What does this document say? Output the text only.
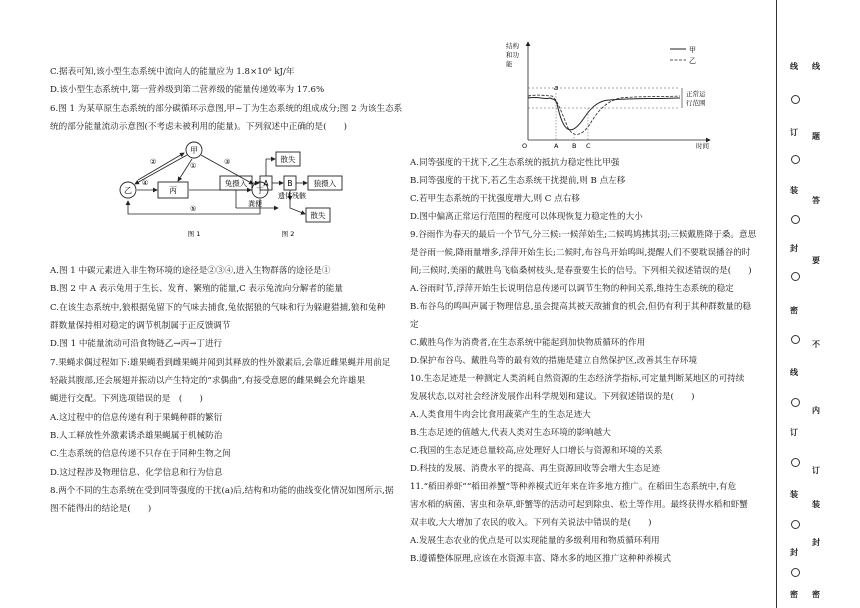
C.据表可知,该小型生态系统中流向人的能量应为 1.8×10⁶ kJ/年

D.该小型生态系统中,第一营养级到第二营养级的能量传递效率为 17.6%

6.图 1 为某草原生态系统的部分碳循环示意图,甲~丁为生态系统的组成成分;图 2 为该生态系

统的部分能量流动示意图(不考虑未被利用的能量)。下列叙述中正确的是(　　)

甲
乙	丙	丁
①
②	③
④
⑤
图 1
散失
兔摄入 A	B	狼摄入
散失
粪便
遗体残骸
图 2

A.图 1 中碳元素进入非生物环境的途径是②③④,进入生物群落的途径是①

B.图 2 中 A 表示兔用于生长、发育、繁殖的能量,C 表示兔流向分解者的能量

C.在该生态系统中,狼根据兔留下的气味去捕食,兔依据狼的气味和行为躲避猎捕,狼和兔种

群数量保持相对稳定的调节机制属于正反馈调节

D.图 1 中能量流动可沿食物链乙→丙→丁进行

7.果蝇求偶过程如下:雄果蝇看到雌果蝇并闻到其释放的性外激素后,会靠近雌果蝇并用前足

轻敲其腹部,还会展翅并振动以产生特定的“求偶曲”,有接受意愿的雌果蝇会允许雄果

蝇进行交配。下列选项错误的是　(　　)

A.这过程中的信息传递有利于果蝇种群的繁衍

B.人工释放性外激素诱杀雄果蝇属于机械防治

C.生态系统的信息传递不只存在于同种生物之间

D.这过程涉及物理信息、化学信息和行为信息

8.两个不同的生态系统在受到同等强度的干扰(a)后,结构和功能的曲线变化情况如图所示,据

图不能得出的结论是(　　)

甲
乙
正常运
行范围
结构
和功
能
O	A B C	时间
a

A.同等强度的干扰下,乙生态系统的抵抗力稳定性比甲强

B.同等强度的干扰下,若乙生态系统干扰提前,则 B 点左移

C.若甲生态系统的干扰强度增大,则 C 点右移

D.图中偏离正常运行范围的程度可以体现恢复力稳定性的大小

9.谷雨作为春天的最后一个节气,分三候:一候萍始生;二候鸣鸠拂其羽;三候戴胜降于桑。意思

是谷雨一候,降雨量增多,浮萍开始生长;二候时,布谷鸟开始鸣叫,提醒人们不要耽误播谷的时

间;三候时,美丽的戴胜鸟飞临桑树枝头,是春蚕要生长的信号。下列相关叙述错误的是(　　)

A.谷雨时节,浮萍开始生长说明信息传递可以调节生物的种间关系,维持生态系统的稳定

B.布谷鸟的鸣叫声属于物理信息,虽会提高其被天敌捕食的机会,但仍有利于其种群数量的稳

定

C.戴胜鸟作为消费者,在生态系统中能起到加快物质循环的作用

D.保护布谷鸟、戴胜鸟等的最有效的措施是建立自然保护区,改善其生存环境

10.生态足迹是一种测定人类消耗自然资源的生态经济学指标,可定量判断某地区的可持续

发展状态,以对社会经济发展作出科学规划和建议。下列叙述错误的是(　　)

A.人类食用牛肉会比食用蔬菜产生的生态足迹大

B.生态足迹的值越大,代表人类对生态环境的影响越大

C.我国的生态足迹总量较高,应处理好人口增长与资源和环境的关系

D.科技的发展、消费水平的提高、再生资源回收等会增大生态足迹

11.“稻田养虾”“稻田养蟹”等种养模式近年来在许多地方推广。在稻田生态系统中,有危

害水稻的病菌、害虫和杂草,虾蟹等的活动可起到除虫、松土等作用。最终获得水稻和虾蟹

双丰收,大大增加了农民的收入。下列有关说法中错误的是(　　)

A.发展生态农业的优点是可以实现能量的多级利用和物质循环利用

B.遵循整体原理,应该在水资源丰富、降水多的地区推广这种种养模式

线
订
装
封
密
线
订
装
封
密
题
答
要
不
内
线
订
装
封
密
